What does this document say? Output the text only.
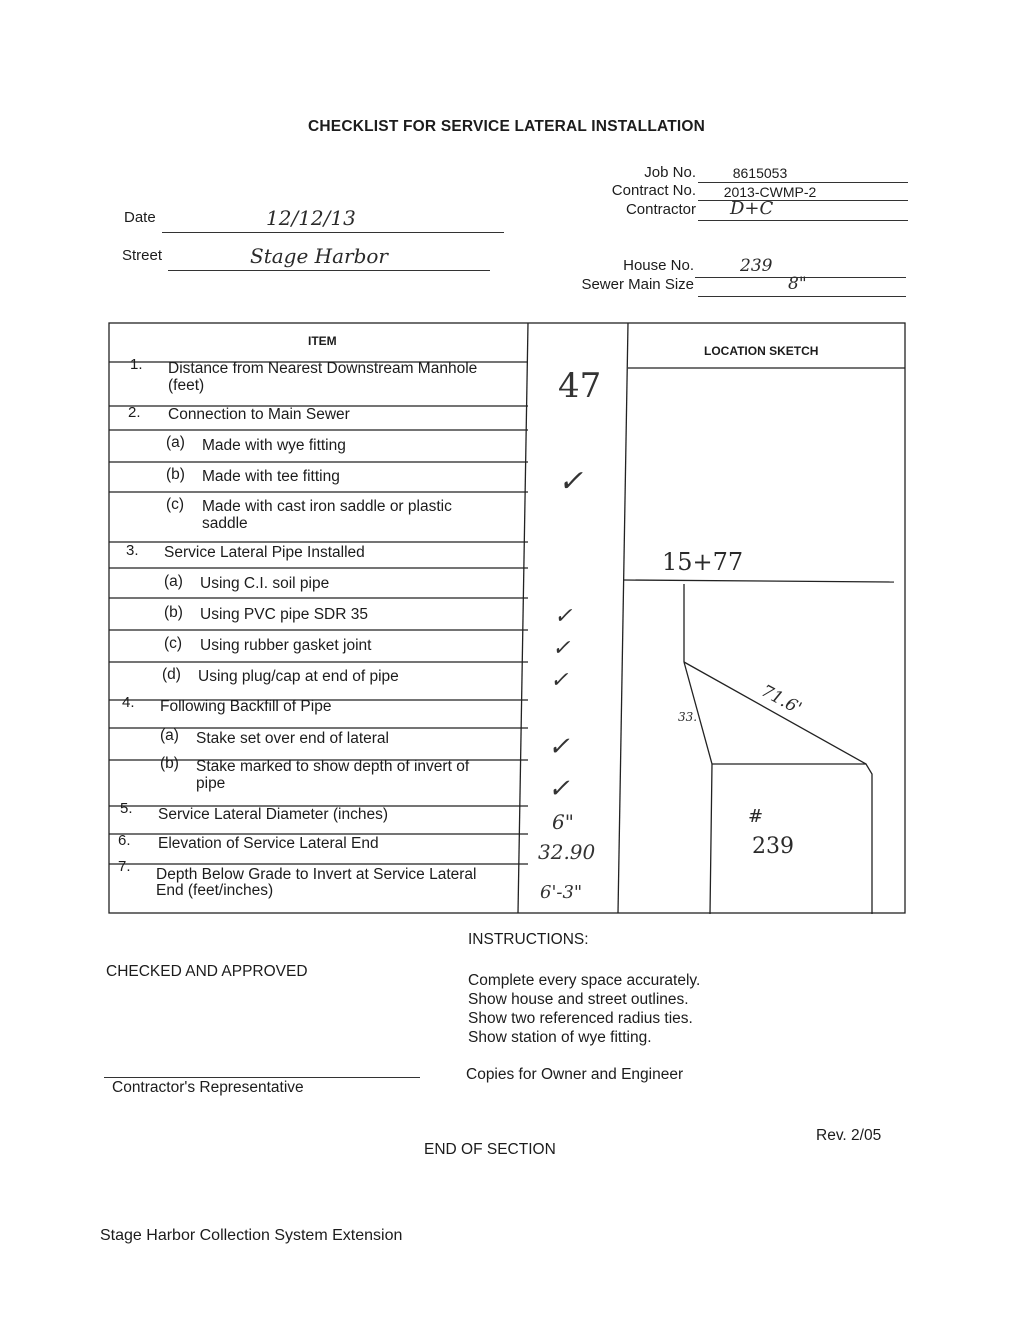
CHECKLIST FOR SERVICE LATERAL INSTALLATION
Job No.	8615053
Contract No.	2013-CWMP-2
Contractor D+C
Date	12/12/13
Street	Stage Harbor	House No.	239
Sewer Main Size	8"
ITEM
LOCATION SKETCH
1. Distance from Nearest Downstream Manhole
(feet)	47
2. Connection to Main Sewer
(a) Made with wye fitting
(b) Made with tee fitting	✓
(c) Made with cast iron saddle or plastic
saddle
3. Service Lateral Pipe Installed
(a) Using C.I. soil pipe
(b) Using PVC pipe SDR 35	✓
(c) Using rubber gasket joint	✓
(d) Using plug/cap at end of pipe	✓
4. Following Backfill of Pipe
(a) Stake set over end of lateral	✓
(b) Stake marked to show depth of invert of
pipe	✓
5. Service Lateral Diameter (inches)	6"
6. Elevation of Service Lateral End	32.90
7. Depth Below Grade to Invert at Service Lateral
End (feet/inches)	6'-3"
15+77
71.6'
33.
#
239
INSTRUCTIONS:
CHECKED AND APPROVED
Complete every space accurately.
Show house and street outlines.
Show two referenced radius ties.
Show station of wye fitting.
Contractor's Representative
Copies for Owner and Engineer
Rev. 2/05
END OF SECTION
Stage Harbor Collection System Extension
